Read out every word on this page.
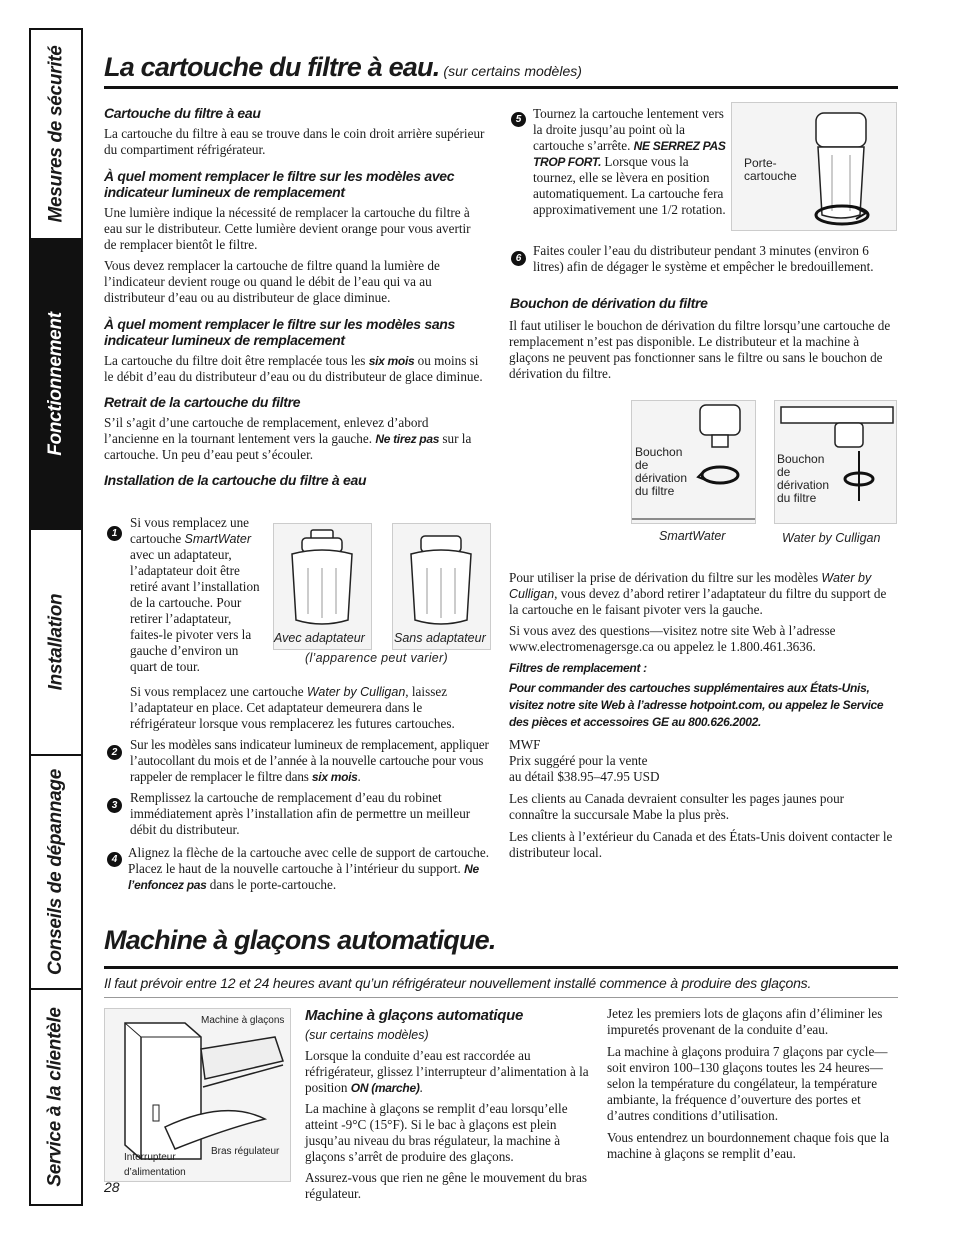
Mesures de sécurité
Fonctionnement
Installation
Conseils de dépannage
Service à la clientèle
La cartouche du filtre à eau. (sur certains modèles)
Cartouche du filtre à eau

La cartouche du filtre à eau se trouve dans le coin droit arrière supérieur du compartiment réfrigérateur.

À quel moment remplacer le filtre sur les modèles avec indicateur lumineux de remplacement

Une lumière indique la nécessité de remplacer la cartouche du filtre à eau sur le distributeur. Cette lumière devient orange pour vous avertir de remplacer bientôt le filtre.

Vous devez remplacer la cartouche de filtre quand la lumière de l’indicateur devient rouge ou quand le débit de l’eau qui va au distributeur d’eau ou au distributeur de glace diminue.

À quel moment remplacer le filtre sur les modèles sans indicateur lumineux de remplacement

La cartouche du filtre doit être remplacée tous les six mois ou moins si le débit d’eau du distributeur d’eau ou du distributeur de glace diminue.

Retrait de la cartouche du filtre

S’il s’agit d’une cartouche de remplacement, enlevez d’abord l’ancienne en la tournant lentement vers la gauche. Ne tirez pas sur la cartouche. Un peu d’eau peut s’écouler.

Installation de la cartouche du filtre à eau
1

Si vous remplacez une cartouche SmartWater avec un adaptateur, l’adaptateur doit être retiré avant l’installation de la cartouche. Pour retirer l’adaptateur, faites-le pivoter vers la gauche d’environ un quart de tour.

Avec adaptateur Sans adaptateur
(l’apparence peut varier)

Si vous remplacez une cartouche Water by Culligan, laissez l’adaptateur en place. Cet adaptateur demeurera dans le réfrigérateur lorsque vous remplacerez les futures cartouches.

2

Sur les modèles sans indicateur lumineux de remplacement, appliquer l’autocollant du mois et de l’année à la nouvelle cartouche pour vous rappeler de remplacer le filtre dans six mois.

3

Remplissez la cartouche de remplacement d’eau du robinet immédiatement après l’installation afin de permettre un meilleur débit du distributeur.

4 Alignez la flèche de la cartouche avec celle de support de cartouche. Placez le haut de la nouvelle cartouche à l’intérieur du support. Ne l’enfoncez pas dans le porte-cartouche.

5 Tournez la cartouche lentement vers la droite jusqu’au point où la cartouche s’arrête. NE SERREZ PAS TROP FORT. Lorsque vous la tournez, elle se lèvera en position automatiquement. La cartouche fera approximativement une 1/2 rotation.

Porte-cartouche
6

Faites couler l’eau du distributeur pendant 3 minutes (environ 6 litres) afin de dégager le système et empêcher le bredouillement.

Bouchon de dérivation du filtre

Il faut utiliser le bouchon de dérivation du filtre lorsqu’une cartouche de remplacement n’est pas disponible. Le distributeur et la machine à glaçons ne peuvent pas fonctionner sans le filtre ou sans le bouchon de dérivation du filtre.

Bouchon de dérivation du filtre
Bouchon de dérivation du filtre
SmartWater	Water by Culligan

Pour utiliser la prise de dérivation du filtre sur les modèles Water by Culligan, vous devez d’abord retirer l’adaptateur du filtre du support de la cartouche en le faisant pivoter vers la gauche.

Si vous avez des questions—visitez notre site Web à l’adresse www.electromenagersge.ca ou appelez le 1.800.461.3636.

Filtres de remplacement :

Pour commander des cartouches supplémentaires aux États-Unis, visitez notre site Web à l’adresse hotpoint.com, ou appelez le Service des pièces et accessoires GE au 800.626.2002.

MWF

Prix suggéré pour la vente

au détail $38.95–47.95 USD

Les clients au Canada devraient consulter les pages jaunes pour connaître la succursale Mabe la plus près.

Les clients à l’extérieur du Canada et des États-Unis doivent contacter le distributeur local.

Machine à glaçons automatique.
Il faut prévoir entre 12 et 24 heures avant qu’un réfrigérateur nouvellement installé commence à produire des glaçons.
Machine à glaçons
Interrupteur d’alimentation
Bras régulateur
28
Machine à glaçons automatique
(sur certains modèles)

Lorsque la conduite d’eau est raccordée au réfrigérateur, glissez l’interrupteur d’alimentation à la position ON (marche).

La machine à glaçons se remplit d’eau lorsqu’elle atteint -9°C (15°F). Si le bac à glaçons est plein jusqu’au niveau du bras régulateur, la machine à glaçons s’arrêt de produire des glaçons.

Assurez-vous que rien ne gêne le mouvement du bras régulateur.

Jetez les premiers lots de glaçons afin d’éliminer les impuretés provenant de la conduite d’eau.

La machine à glaçons produira 7 glaçons par cycle—soit environ 100–130 glaçons toutes les 24 heures—selon la température du congélateur, la température ambiante, la fréquence d’ouverture des portes et d’autres conditions d’utilisation.

Vous entendrez un bourdonnement chaque fois que la machine à glaçons se remplit d’eau.
